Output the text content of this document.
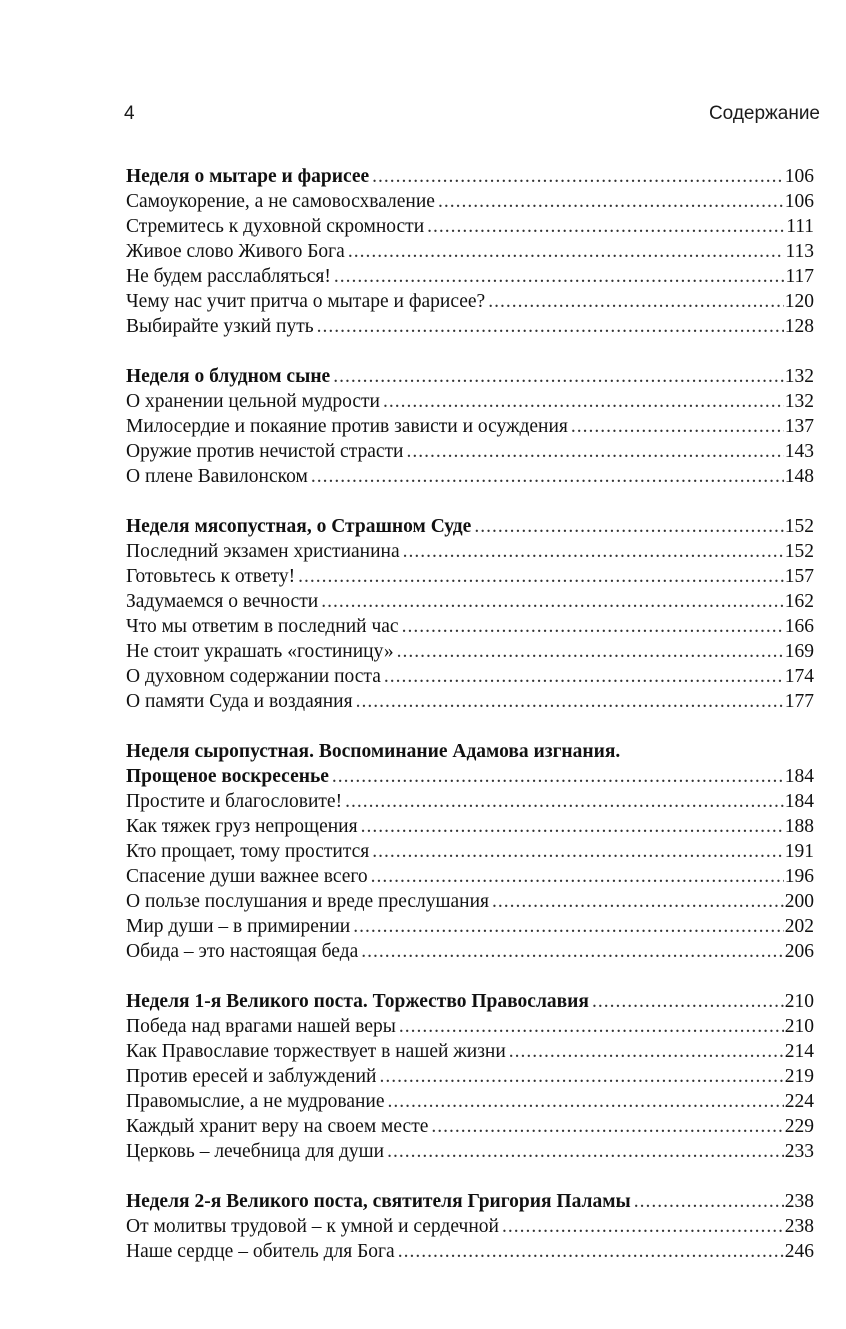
4	Содержание
Неделя о мытаре и фарисее .....	106
Самоукорение, а не самовосхваление .....	106
Стремитесь к духовной скромности .....	111
Живое слово Живого Бога .....	113
Не будем расслабляться! .....	117
Чему нас учит притча о мытаре и фарисее? .....	120
Выбирайте узкий путь .....	128
Неделя о блудном сыне .....	132
О хранении цельной мудрости .....	132
Милосердие и покаяние против зависти и осуждения .....	137
Оружие против нечистой страсти .....	143
О плене Вавилонском .....	148
Неделя мясопустная, о Страшном Суде .....	152
Последний экзамен христианина .....	152
Готовьтесь к ответу! .....	157
Задумаемся о вечности .....	162
Что мы ответим в последний час .....	166
Не стоит украшать «гостиницу» .....	169
О духовном содержании поста .....	174
О памяти Суда и воздаяния .....	177
Неделя сыропустная. Воспоминание Адамова изгнания.
Прощеное воскресенье .....	184
Простите и благословите! .....	184
Как тяжек груз непрощения .....	188
Кто прощает, тому простится .....	191
Спасение души важнее всего .....	196
О пользе послушания и вреде преслушания .....	200
Мир души – в примирении .....	202
Обида – это настоящая беда .....	206
Неделя 1-я Великого поста. Торжество Православия .....	210
Победа над врагами нашей веры .....	210
Как Православие торжествует в нашей жизни .....	214
Против ересей и заблуждений .....	219
Правомыслие, а не мудрование .....	224
Каждый хранит веру на своем месте .....	229
Церковь – лечебница для души .....	233
Неделя 2-я Великого поста, святителя Григория Паламы .....	238
От молитвы трудовой – к умной и сердечной .....	238
Наше сердце – обитель для Бога .....	246
